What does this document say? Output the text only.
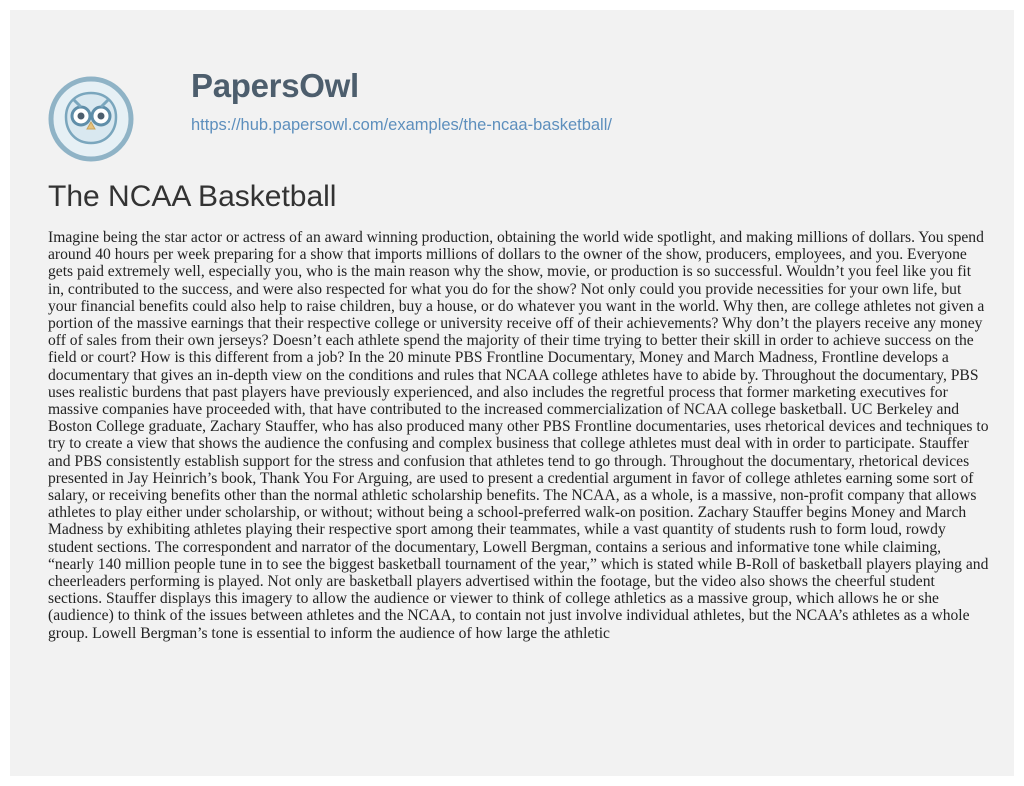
PapersOwl
https://hub.papersowl.com/examples/the-ncaa-basketball/
The NCAA Basketball

Imagine being the star actor or actress of an award winning production, obtaining the world wide spotlight, and making millions of dollars. You spend around 40 hours per week preparing for a show that imports millions of dollars to the owner of the show, producers, employees, and you. Everyone gets paid extremely well, especially you, who is the main reason why the show, movie, or production is so successful. Wouldn’t you feel like you fit in, contributed to the success, and were also respected for what you do for the show? Not only could you provide necessities for your own life, but your financial benefits could also help to raise children, buy a house, or do whatever you want in the world. Why then, are college athletes not given a portion of the massive earnings that their respective college or university receive off of their achievements? Why don’t the players receive any money off of sales from their own jerseys? Doesn’t each athlete spend the majority of their time trying to better their skill in order to achieve success on the field or court? How is this different from a job? In the 20 minute PBS Frontline Documentary, Money and March Madness, Frontline develops a documentary that gives an in-depth view on the conditions and rules that NCAA college athletes have to abide by. Throughout the documentary, PBS uses realistic burdens that past players have previously experienced, and also includes the regretful process that former marketing executives for massive companies have proceeded with, that have contributed to the increased commercialization of NCAA college basketball. UC Berkeley and Boston College graduate, Zachary Stauffer, who has also produced many other PBS Frontline documentaries, uses rhetorical devices and techniques to try to create a view that shows the audience the confusing and complex business that college athletes must deal with in order to participate. Stauffer and PBS consistently establish support for the stress and confusion that athletes tend to go through. Throughout the documentary, rhetorical devices presented in Jay Heinrich’s book, Thank You For Arguing, are used to present a credential argument in favor of college athletes earning some sort of salary, or receiving benefits other than the normal athletic scholarship benefits. The NCAA, as a whole, is a massive, non-profit company that allows athletes to play either under scholarship, or without; without being a school-preferred walk-on position. Zachary Stauffer begins Money and March Madness by exhibiting athletes playing their respective sport among their teammates, while a vast quantity of students rush to form loud, rowdy student sections. The correspondent and narrator of the documentary, Lowell Bergman, contains a serious and informative tone while claiming, “nearly 140 million people tune in to see the biggest basketball tournament of the year,” which is stated while B-Roll of basketball players playing and cheerleaders performing is played. Not only are basketball players advertised within the footage, but the video also shows the cheerful student sections. Stauffer displays this imagery to allow the audience or viewer to think of college athletics as a massive group, which allows he or she (audience) to think of the issues between athletes and the NCAA, to contain not just involve individual athletes, but the NCAA’s athletes as a whole group. Lowell Bergman’s tone is essential to inform the audience of how large the athletic
